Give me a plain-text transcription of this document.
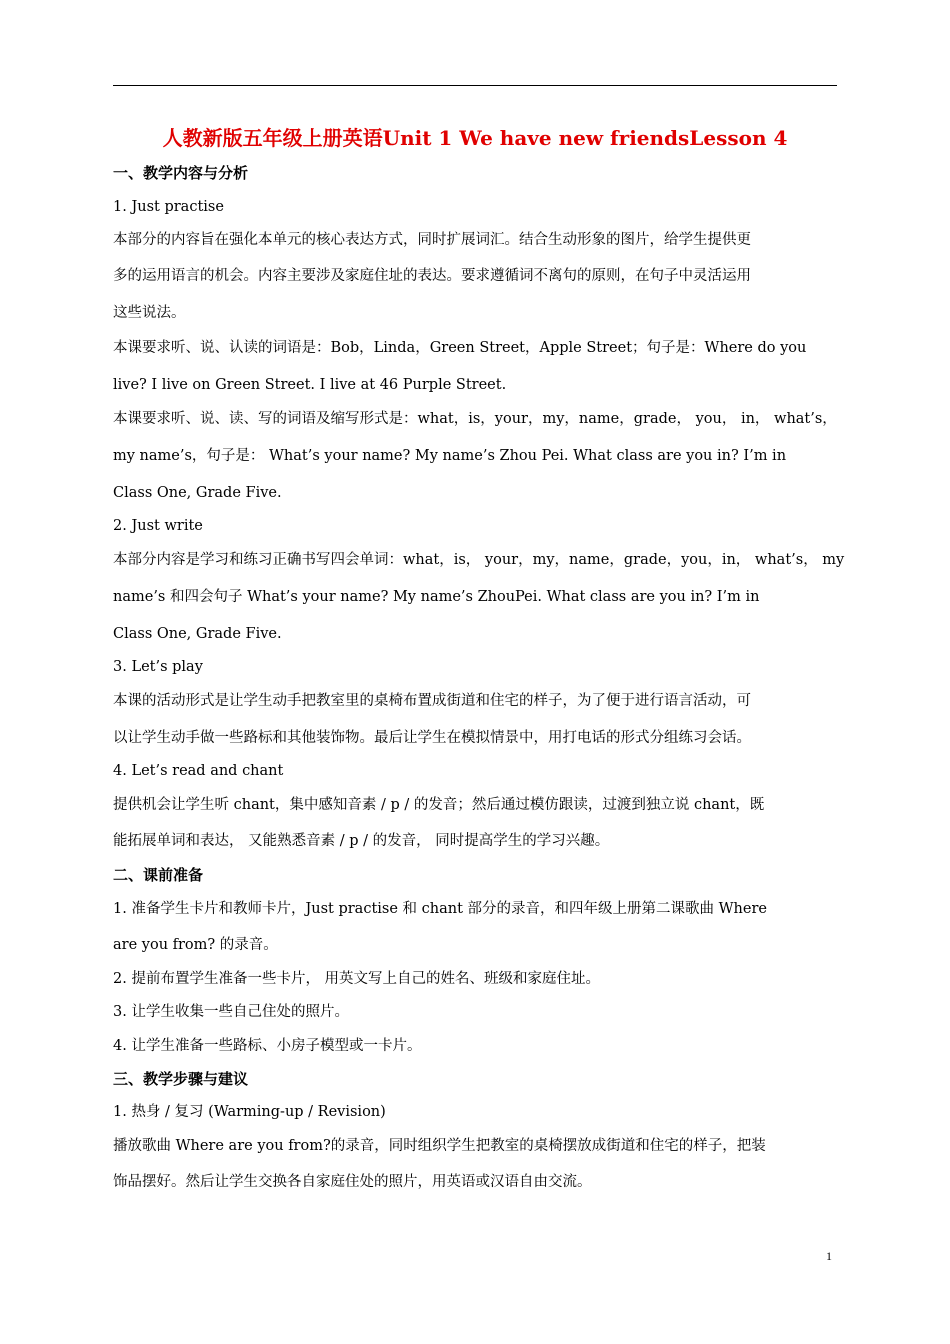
人教新版五年级上册英语Unit 1 We have new friendsLesson 4
一、教学内容与分析
1. Just practise
本部分的内容旨在强化本单元的核心表达方式，同时扩展词汇。结合生动形象的图片，给学生提供更
多的运用语言的机会。内容主要涉及家庭住址的表达。要求遵循词不离句的原则，在句子中灵活运用
这些说法。
本课要求听、说、认读的词语是：Bob，Linda，Green Street，Apple Street；句子是：Where do you
live? I live on Green Street. I live at 46 Purple Street.
本课要求听、说、读、写的词语及缩写形式是：what，is，your，my，name，grade， you， in， what’s，
my name’s，句子是： What’s your name? My name’s Zhou Pei. What class are you in? I’m in
Class One, Grade Five.
2. Just write
本部分内容是学习和练习正确书写四会单词：what，is， your，my，name，grade，you，in， what’s， my
name’s 和四会句子 What’s your name? My name’s ZhouPei. What class are you in? I’m in
Class One, Grade Five.
3. Let’s play
本课的活动形式是让学生动手把教室里的桌椅布置成街道和住宅的样子，为了便于进行语言活动，可
以让学生动手做一些路标和其他装饰物。最后让学生在模拟情景中，用打电话的形式分组练习会话。
4. Let’s read and chant
提供机会让学生听 chant，集中感知音素 / p / 的发音；然后通过模仿跟读，过渡到独立说 chant，既
能拓展单词和表达， 又能熟悉音素 / p / 的发音， 同时提高学生的学习兴趣。
二、课前准备
1. 准备学生卡片和教师卡片，Just practise 和 chant 部分的录音，和四年级上册第二课歌曲 Where
are you from? 的录音。
2. 提前布置学生准备一些卡片， 用英文写上自己的姓名、班级和家庭住址。
3. 让学生收集一些自己住处的照片。
4. 让学生准备一些路标、小房子模型或一卡片。
三、教学步骤与建议
1. 热身 / 复习 (Warming-up / Revision)
播放歌曲 Where are you from?的录音，同时组织学生把教室的桌椅摆放成街道和住宅的样子，把装
饰品摆好。然后让学生交换各自家庭住处的照片，用英语或汉语自由交流。
1
